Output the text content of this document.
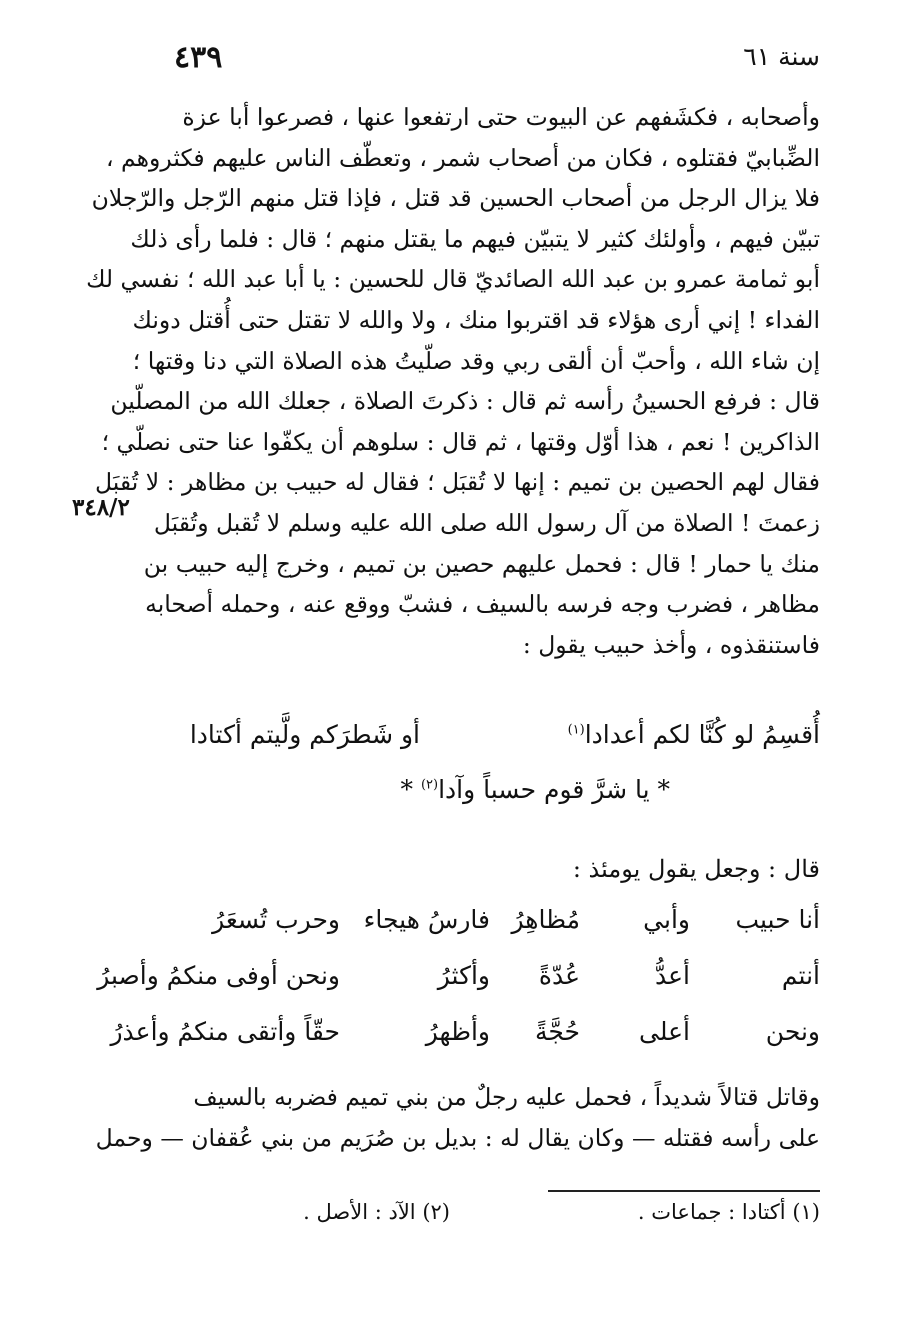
٤٣٩	سنة ٦١
٣٤٨/٢
وأصحابه ، فكشَفهم عن البيوت حتى ارتفعوا عنها ، فصرعوا أبا عزة
الضِّبابيّ فقتلوه ، فكان من أصحاب شمر ، وتعطّف الناس عليهم فكثروهم ،
فلا يزال الرجل من أصحاب الحسين قد قتل ، فإذا قتل منهم الرّجل والرّجلان
تبيّن فيهم ، وأولئك كثير لا يتبيّن فيهم ما يقتل منهم ؛ قال : فلما رأى ذلك
أبو ثمامة عمرو بن عبد الله الصائديّ قال للحسين : يا أبا عبد الله ؛ نفسي لك
الفداء ! إني أرى هؤلاء قد اقتربوا منك ، ولا والله لا تقتل حتى أُقتل دونك
إن شاء الله ، وأحبّ أن ألقى ربي وقد صلّيتُ هذه الصلاة التي دنا وقتها ؛
قال : فرفع الحسينُ رأسه ثم قال : ذكرتَ الصلاة ، جعلك الله من المصلّين
الذاكرين ! نعم ، هذا أوّل وقتها ، ثم قال : سلوهم أن يكفّوا عنا حتى نصلّي ؛
فقال لهم الحصين بن تميم : إنها لا تُقبَل ؛ فقال له حبيب بن مظاهر : لا تُقبَل
زعمتَ ! الصلاة من آل رسول الله صلى الله عليه وسلم لا تُقبل وتُقبَل
منك يا حمار ! قال : فحمل عليهم حصين بن تميم ، وخرج إليه حبيب بن
مظاهر ، فضرب وجه فرسه بالسيف ، فشبّ ووقع عنه ، وحمله أصحابه
فاستنقذوه ، وأخذ حبيب يقول :
أُقسِمُ لو كُنَّا لكم أعدادا$^{(١)}$
أو شَطرَكم ولَّيتم أكتادا
* يا شرَّ قوم حسباً وآدا$^{(٢)}$ *
قال : وجعل يقول يومئذ :
أنا حبيب
وأبي
مُظاهِرُ
فارسُ هيجاء
وحرب تُسعَرُ
أنتم
أعدُّ
عُدّةً
وأكثرُ
ونحن أوفى منكمُ وأصبرُ
ونحن
أعلى
حُجَّةً
وأظهرُ
حقّاً وأتقى منكمُ وأعذرُ
وقاتل قتالاً شديداً ، فحمل عليه رجلٌ من بني تميم فضربه بالسيف
على رأسه فقتله — وكان يقال له : بديل بن صُرَيم من بني عُقفان — وحمل
(١) أكتادا : جماعات .
(٢) الآد : الأصل .
